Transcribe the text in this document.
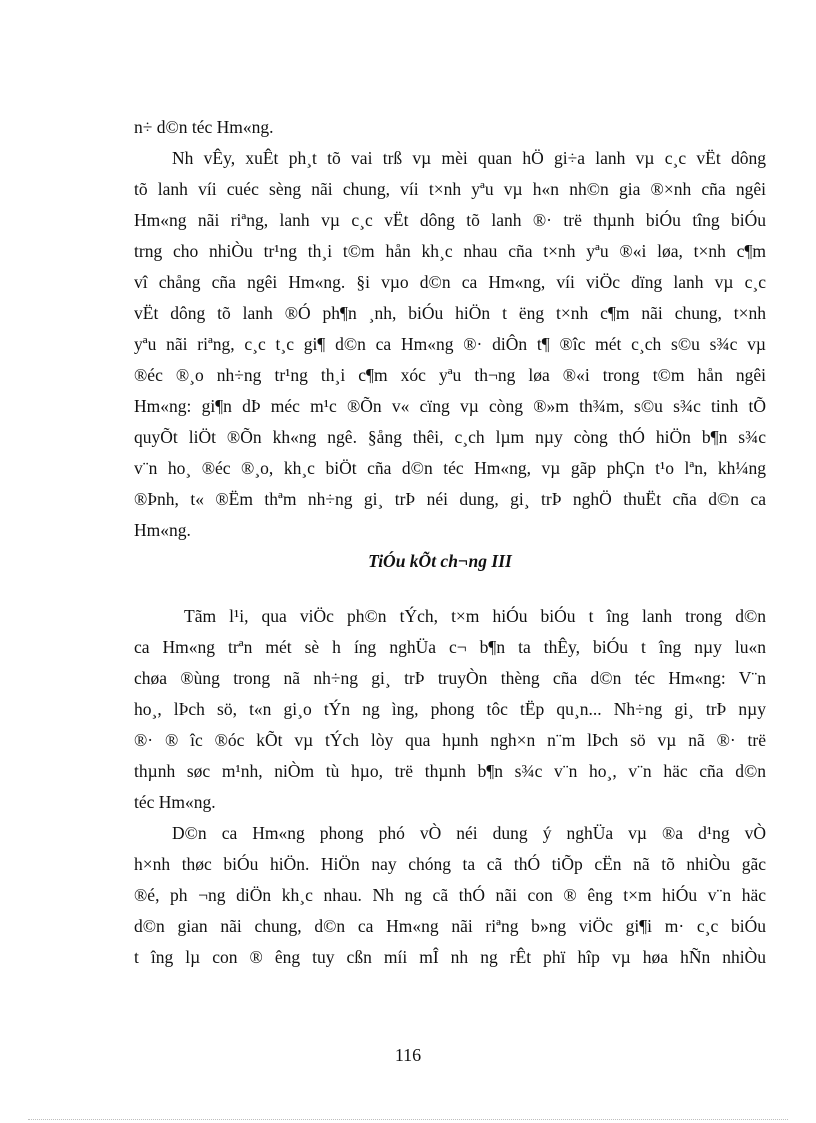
n÷ d©n téc Hm«ng.
Nh vÊy, xuÊt ph¸t tõ vai trß vµ mèi quan hÖ gi÷a lanh vµ c¸c vËt dông
tõ lanh víi cuéc sèng nãi chung, víi t×nh yªu vµ h«n nh©n gia ®×nh cña ngêi
Hm«ng nãi riªng, lanh vµ c¸c vËt dông tõ lanh ®· trë thµnh biÓu tîng biÓu
trng cho nhiÒu tr¹ng th¸i t©m hån kh¸c nhau cña t×nh yªu ®«i løa, t×nh c¶m
vî chång cña ngêi Hm«ng. §i vµo d©n ca Hm«ng, víi viÖc dïng lanh vµ c¸c
vËt dông tõ lanh ®Ó ph¶n ¸nh, biÓu hiÖn t ëng t×nh c¶m nãi chung, t×nh
yªu nãi riªng, c¸c t¸c gi¶ d©n ca Hm«ng ®· diÔn t¶ ®îc mét c¸ch s©u s¾c vµ
®éc ®¸o nh÷ng tr¹ng th¸i c¶m xóc yªu th¬ng løa ®«i trong t©m hån ngêi
Hm«ng: gi¶n dÞ méc m¹c ®Õn v« cïng vµ còng ®»m th¾m, s©u s¾c tinh tÕ
quyÕt liÖt ®Õn kh«ng ngê. §ång thêi, c¸ch lµm nµy còng thÓ hiÖn b¶n s¾c
v¨n ho¸ ®éc ®¸o, kh¸c biÖt cña d©n téc Hm«ng, vµ gãp phÇn t¹o lªn, kh¼ng
®Þnh, t« ®Ëm thªm nh÷ng gi¸ trÞ néi dung, gi¸ trÞ nghÖ thuËt cña d©n ca
Hm«ng.
TiÓu kÕt ch¬ng III
Tãm l¹i, qua viÖc ph©n tÝch, t×m hiÓu biÓu t îng lanh trong d©n
ca Hm«ng trªn mét sè h íng nghÜa c¬ b¶n ta thÊy, biÓu t îng nµy lu«n
chøa ®ùng trong nã nh÷ng gi¸ trÞ truyÒn thèng cña d©n téc Hm«ng: V¨n
ho¸, lÞch sö, t«n gi¸o tÝn ng ìng, phong tôc tËp qu¸n... Nh÷ng gi¸ trÞ nµy
®· ® îc ®óc kÕt vµ tÝch lòy qua hµnh ngh×n n¨m lÞch sö vµ nã ®· trë
thµnh søc m¹nh, niÒm tù hµo, trë thµnh b¶n s¾c v¨n ho¸, v¨n häc cña d©n
téc Hm«ng.
D©n ca Hm«ng phong phó vÒ néi dung ý nghÜa vµ ®a d¹ng vÒ
h×nh thøc biÓu hiÖn. HiÖn nay chóng ta cã thÓ tiÕp cËn nã tõ nhiÒu gãc
®é, ph ¬ng diÖn kh¸c nhau. Nh ng cã thÓ nãi con ® êng t×m hiÓu v¨n häc
d©n gian nãi chung, d©n ca Hm«ng nãi riªng b»ng viÖc gi¶i m· c¸c biÓu
t îng lµ con ® êng tuy cßn míi mÎ nh ng rÊt phï hîp vµ høa hÑn nhiÒu
116
